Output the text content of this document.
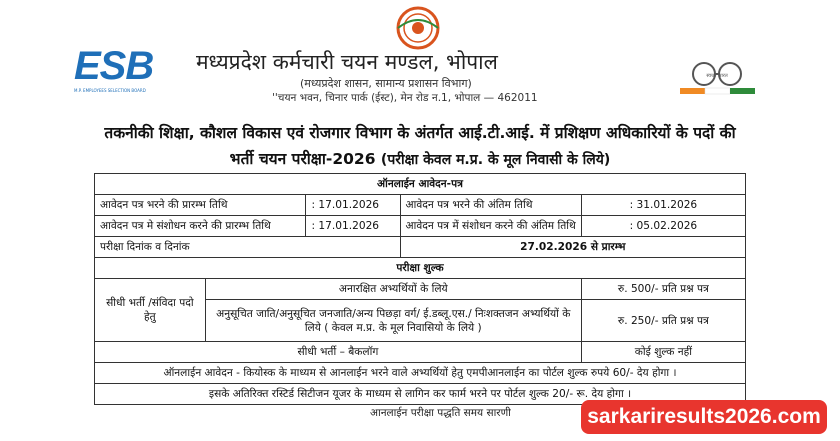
ESB
M.P. EMPLOYEES SELECTION BOARD
मध्यप्रदेश कर्मचारी चयन मण्डल, भोपाल
(मध्यप्रदेश शासन, सामान्य प्रशासन विभाग)
''चयन भवन, चिनार पार्क (ईस्ट), मेन रोड न.1, भोपाल — 462011
स्वच्छ भारत
तकनीकी शिक्षा, कौशल विकास एवं रोजगार विभाग के अंतर्गत आई.टी.आई. में प्रशिक्षण अधिकारियों के पदों की
भर्ती चयन परीक्षा-2026 (परीक्षा केवल म.प्र. के मूल निवासी के लिये)
ऑनलाईन आवेदन-पत्र				
आवेदन पत्र भरने की प्रारम्भ तिथि		: 17.01.2026	आवेदन पत्र भरने की अंतिम तिथि	: 31.01.2026
आवेदन पत्र मे संशोधन करने की प्रारम्भ तिथि		: 17.01.2026	आवेदन पत्र में संशोधन करने की अंतिम तिथि	: 05.02.2026
परीक्षा दिनांक व दिनांक			27.02.2026 से प्रारम्भ	
परीक्षा शुल्क				
सीधी भर्ती /संविदा पदो हेतु	अनारक्षित अभ्यर्थियों के लिये			रु. 500/- प्रति प्रश्न पत्र
	अनुसूचित जाति/अनुसूचित जनजाति/अन्य पिछड़ा वर्ग/ ई.डब्लू.एस./ निःशक्तजन अभ्यर्थियों के लिये ( केवल म.प्र. के मूल निवासियो के लिये )			रु. 250/- प्रति प्रश्न पत्र
सीधी भर्ती – बैकलॉग				कोई शुल्क नहीं
ऑनलाईन आवेदन - कियोस्क के माध्यम से आनलाईन भरने वाले अभ्यर्थियों हेतु एमपीआनलाईन का पोर्टल शुल्क रुपये 60/- देय होगा ।				
इसके अतिरिक्त रस्टिर्ड सिटीजन यूजर के माध्यम से लागिन कर फार्म भरने पर पोर्टल शुल्क 20/- रू. देय होगा ।				
आनलाईन परीक्षा पद्धति समय सारणी	sarkariresults2026.com
